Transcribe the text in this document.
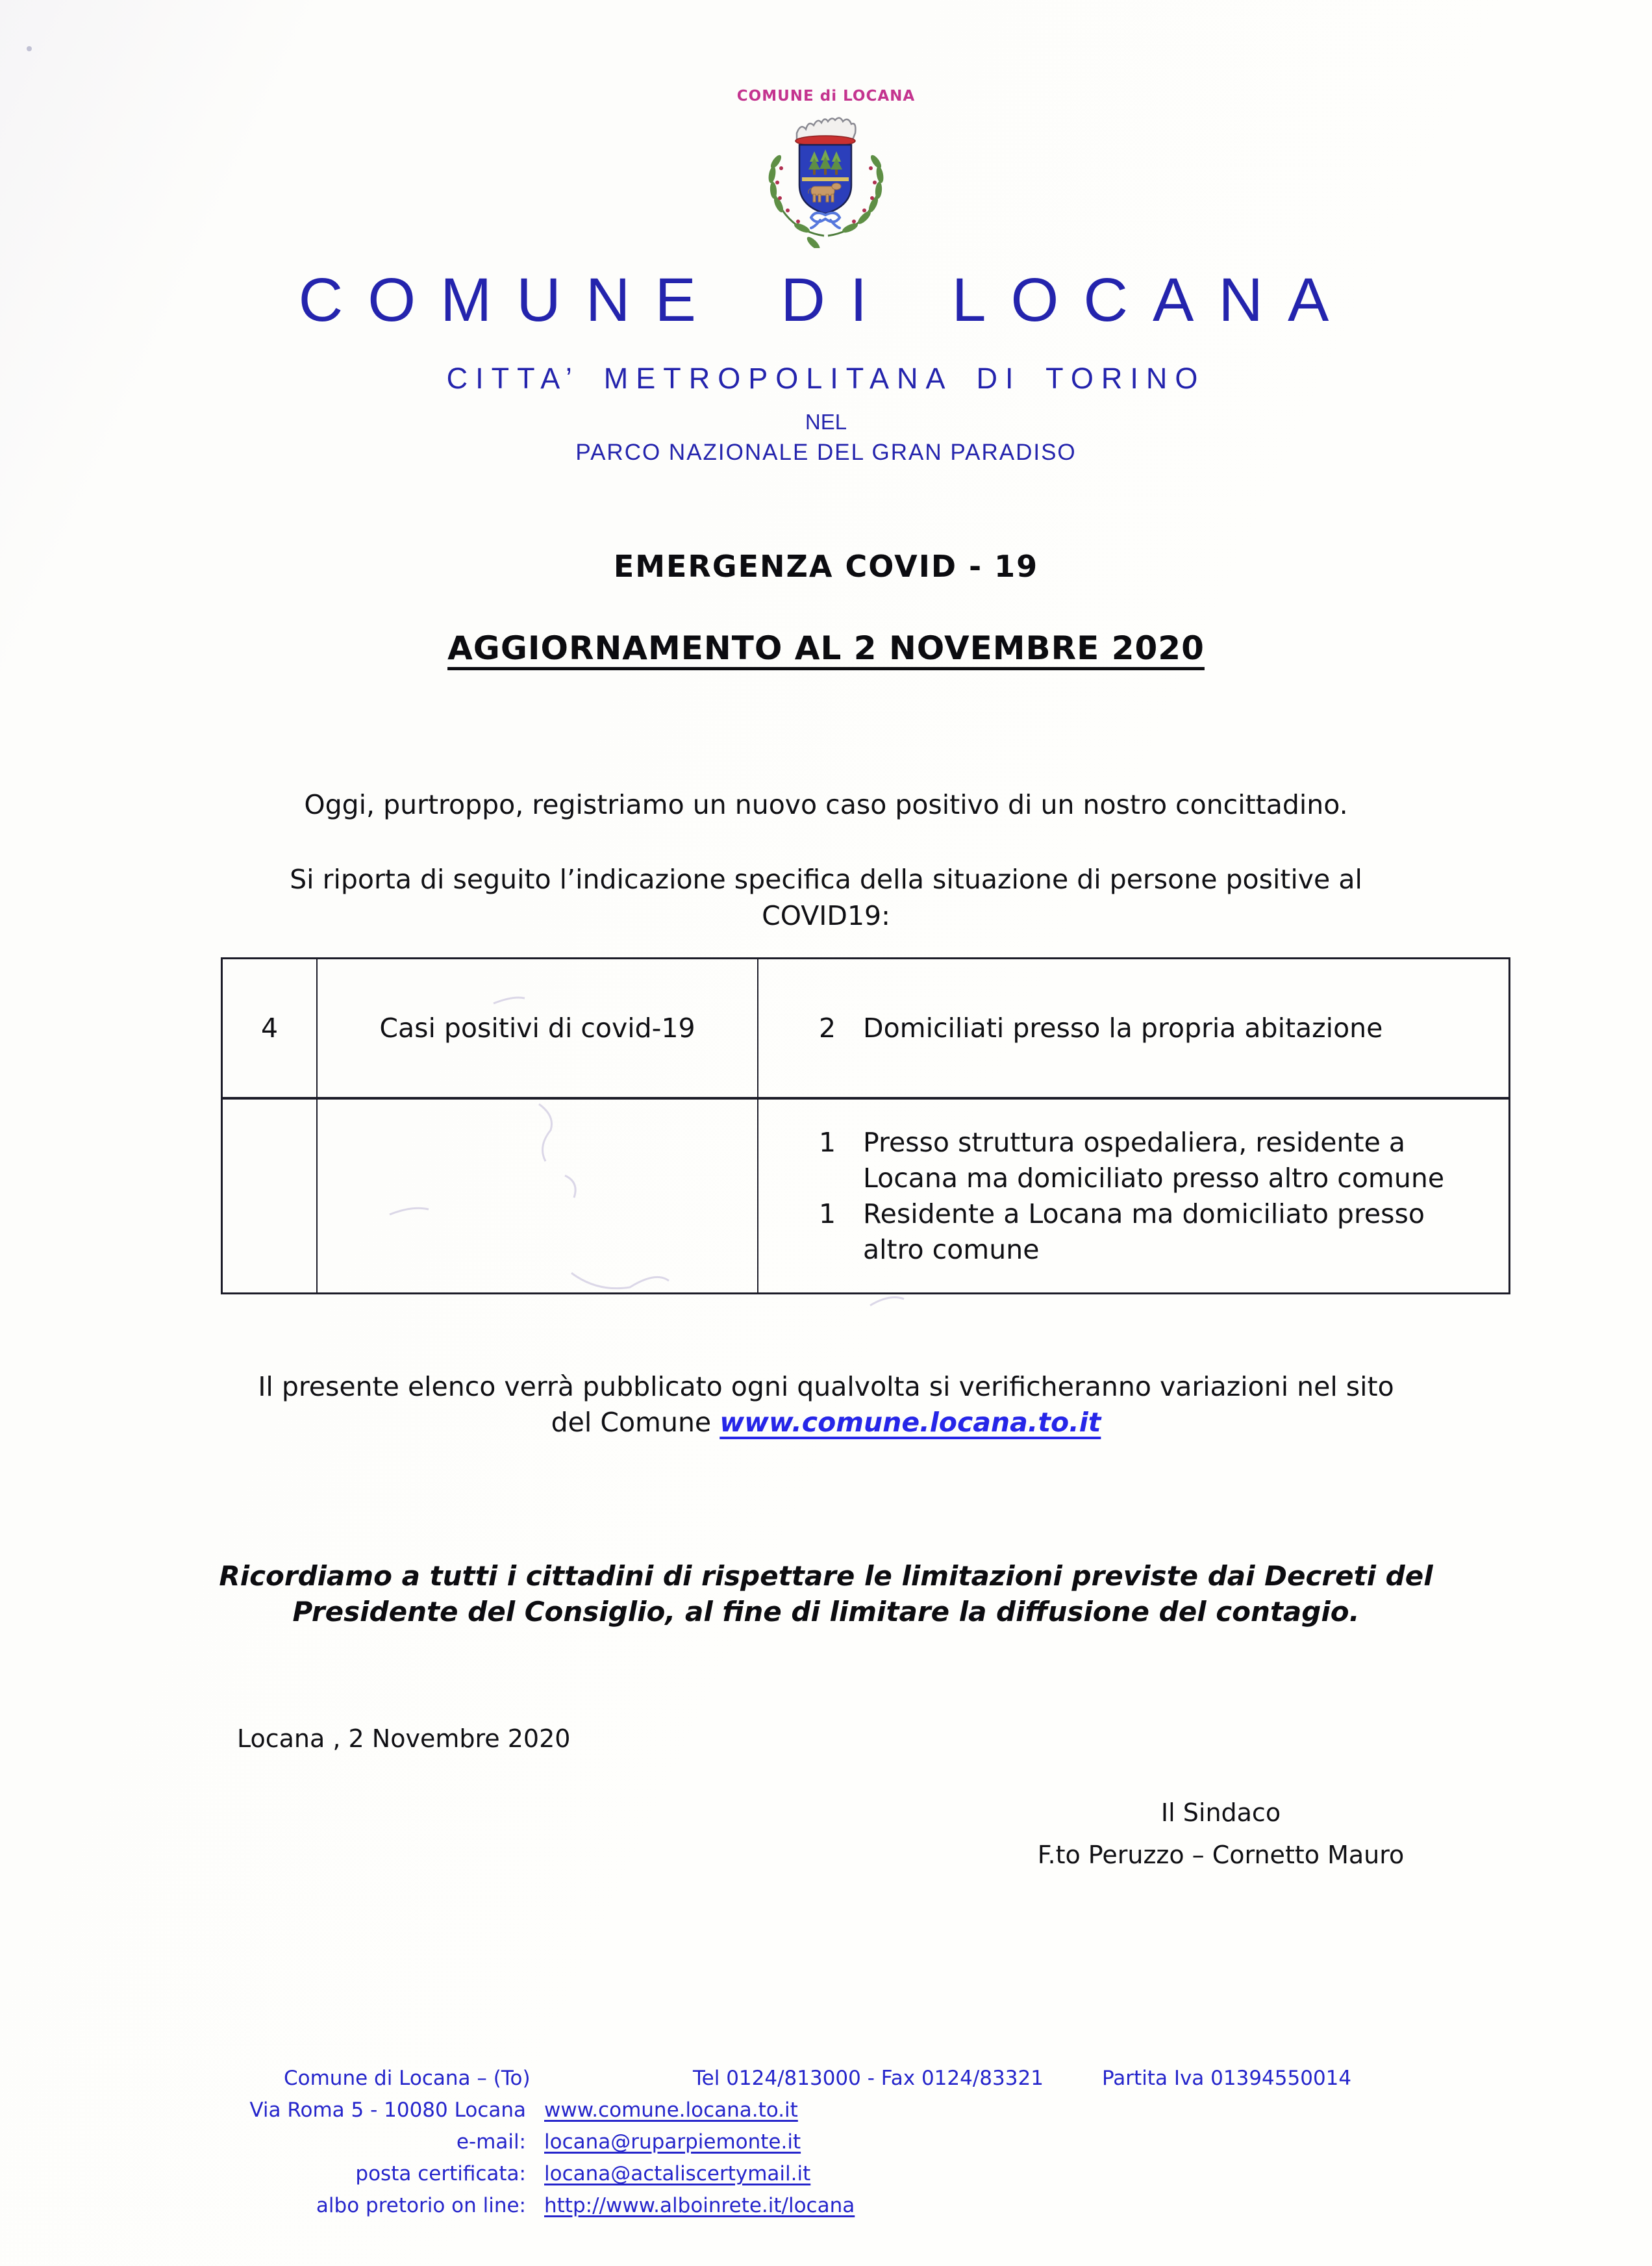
COMUNE di LOCANA
COMUNE DI LOCANA
CITTA’ METROPOLITANA DI TORINO
NEL
PARCO NAZIONALE DEL GRAN PARADISO
EMERGENZA COVID - 19
AGGIORNAMENTO AL 2 NOVEMBRE 2020

Oggi, purtroppo, registriamo un nuovo caso positivo di un nostro concittadino.

Si riporta di seguito l’indicazione specifica della situazione di persone positive al
COVID19:

4	Casi positivi di covid-19	2 Domiciliati presso la propria abitazione

		1 Presso struttura ospedaliera, residente a Locana ma domiciliato presso altro comune
1 Residente a Locana ma domiciliato presso altro comune

Il presente elenco verrà pubblicato ogni qualvolta si verificheranno variazioni nel sito
del Comune www.comune.locana.to.it

Ricordiamo a tutti i cittadini di rispettare le limitazioni previste dai Decreti del
Presidente del Consiglio, al fine di limitare la diffusione del contagio.

Locana , 2 Novembre 2020

Il Sindaco
F.to Peruzzo – Cornetto Mauro
Comune di Locana – (To)	Tel 0124/813000 - Fax 0124/83321	Partita Iva 01394550014
Via Roma 5 - 10080 Locana www.comune.locana.to.it
e-mail: locana@ruparpiemonte.it
posta certificata: locana@actaliscertymail.it
albo pretorio on line: http://www.alboinrete.it/locana
